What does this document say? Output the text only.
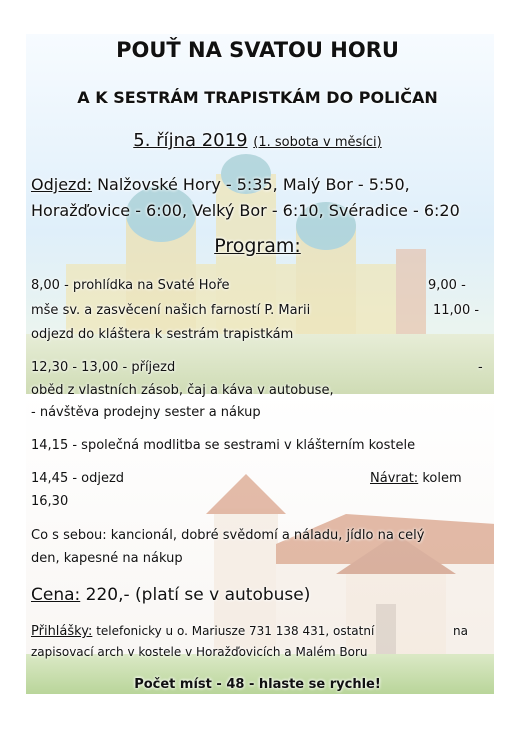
POUŤ NA SVATOU HORU
A K SESTRÁM TRAPISTKÁM DO POLIČAN
5. října 2019 (1. sobota v měsíci)
Odjezd: Nalžovské Hory - 5:35, Malý Bor - 5:50,
Horažďovice - 6:00, Velký Bor - 6:10, Svéradice - 6:20
Program:
8,00 - prohlídka na Svaté Hoře	9,00 -
mše sv. a zasvěcení našich farností P. Marii	11,00 -
odjezd do kláštera k sestrám trapistkám
12,30 - 13,00 - příjezd	-
oběd z vlastních zásob, čaj a káva v autobuse,
- návštěva prodejny sester a nákup
14,15 - společná modlitba se sestrami v klášterním kostele
14,45 - odjezd	Návrat: kolem
16,30
Co s sebou: kancionál, dobré svědomí a náladu, jídlo na celý
den, kapesné na nákup
Cena: 220,- (platí se v autobuse)
Přihlášky: telefonicky u o. Mariusze 731 138 431, ostatní	na
zapisovací arch v kostele v Horažďovicích a Malém Boru
Počet míst - 48 - hlaste se rychle!
